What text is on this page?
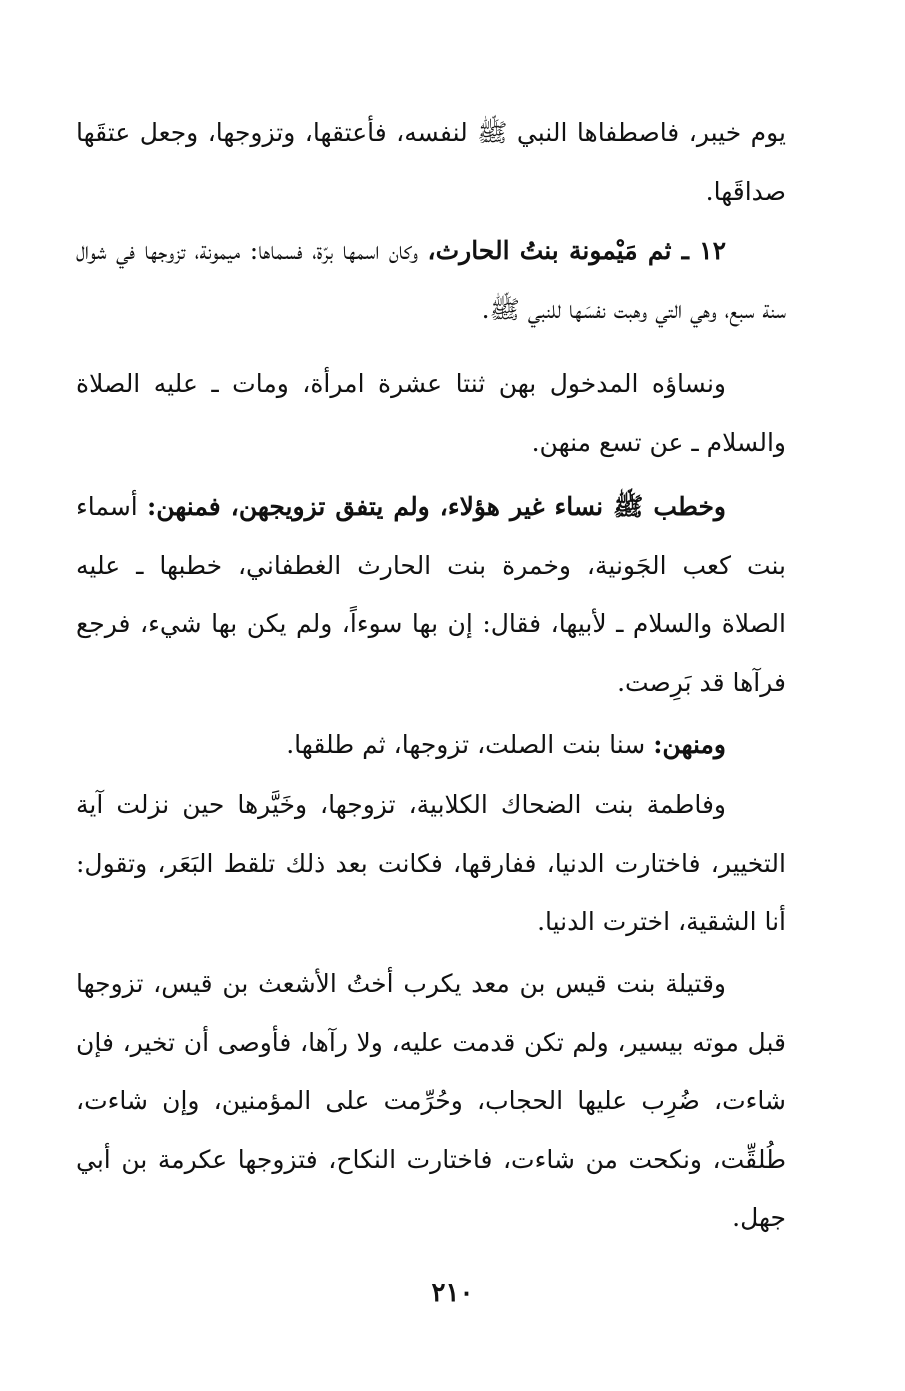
يوم خيبر، فاصطفاها النبي ﷺ لنفسه، فأعتقها، وتزوجها، وجعل عتقَها صداقَها.

١٢ ـ ثم مَيْمونة بنتُ الحارث، وكان اسمها برّة، فسماها: ميمونة، تزوجها في شوال سنة سبع، وهي التي وهبت نفسَها للنبي ﷺ.

ونساؤه المدخول بهن ثنتا عشرة امرأة، ومات ـ عليه الصلاة والسلام ـ عن تسع منهن.

وخطب ﷺ نساء غير هؤلاء، ولم يتفق تزويجهن، فمنهن: أسماء بنت كعب الجَونية، وخمرة بنت الحارث الغطفاني، خطبها ـ عليه الصلاة والسلام ـ لأبيها، فقال: إن بها سوءاً، ولم يكن بها شيء، فرجع فرآها قد بَرِصت.

ومنهن: سنا بنت الصلت، تزوجها، ثم طلقها.

وفاطمة بنت الضحاك الكلابية، تزوجها، وخَيَّرها حين نزلت آية التخيير، فاختارت الدنيا، ففارقها، فكانت بعد ذلك تلقط البَعَر، وتقول: أنا الشقية، اخترت الدنيا.

وقتيلة بنت قيس بن معد يكرب أختُ الأشعث بن قيس، تزوجها قبل موته بيسير، ولم تكن قدمت عليه، ولا رآها، فأوصى أن تخير، فإن شاءت، ضُرِب عليها الحجاب، وحُرِّمت على المؤمنين، وإن شاءت، طُلقِّت، ونكحت من شاءت، فاختارت النكاح، فتزوجها عكرمة بن أبي جهل.

٢١٠
